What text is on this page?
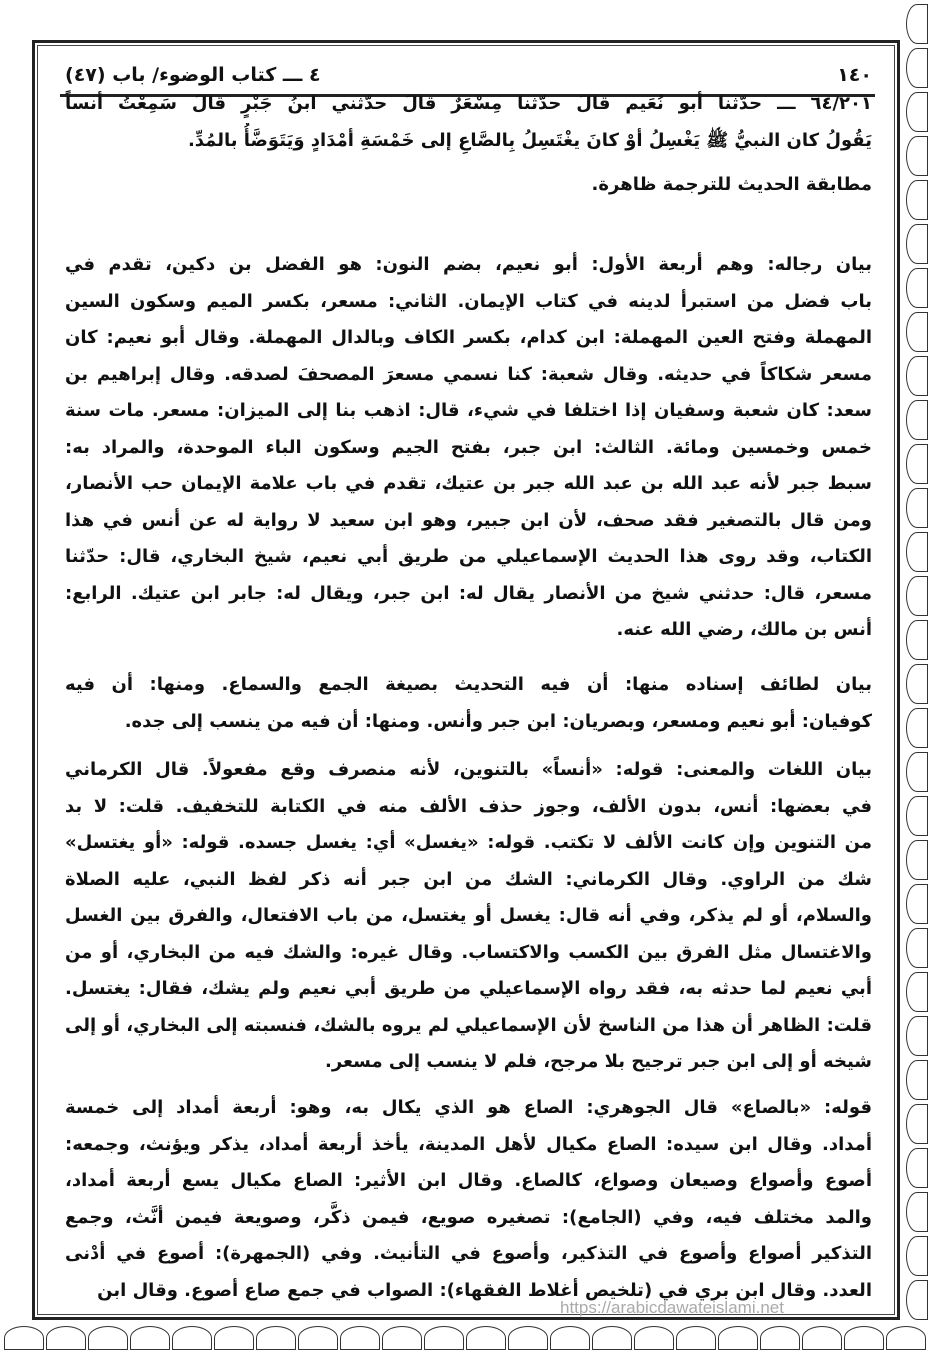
١٤٠
٤ ـــ كتاب الوضوء/ باب (٤٧)
٦٤/٢٠١ ـــ حدّثنا أبو نُعَيم قالَ حدّثنا مِسْعَرٌ قالَ حدّثني ابنُ جَبْرٍ قالَ سَمِعْتُ أنساً
يَقُولُ كان النبيُّ ﷺ يَغْسِلُ أوْ كانَ يغْتَسِلُ بِالصَّاعِ إلى خَمْسَةِ أمْدَادٍ وَيَتَوَضَّأُ بالمُدِّ.
مطابقة الحديث للترجمة ظاهرة.
بيان رجاله: وهم أربعة الأول: أبو نعيم، بضم النون: هو الفضل بن دكين، تقدم في
باب فضل من استبرأ لدينه في كتاب الإيمان. الثاني: مسعر، بكسر الميم وسكون السين
المهملة وفتح العين المهملة: ابن كدام، بكسر الكاف وبالدال المهملة. وقال أبو نعيم: كان
مسعر شكاكاً في حديثه. وقال شعبة: كنا نسمي مسعرَ المصحفَ لصدقه. وقال إبراهيم بن
سعد: كان شعبة وسفيان إذا اختلفا في شيء، قال: اذهب بنا إلى الميزان: مسعر. مات سنة
خمس وخمسين ومائة. الثالث: ابن جبر، بفتح الجيم وسكون الباء الموحدة، والمراد به:
سبط جبر لأنه عبد الله بن عبد الله جبر بن عتيك، تقدم في باب علامة الإيمان حب الأنصار،
ومن قال بالتصغير فقد صحف، لأن ابن جبير، وهو ابن سعيد لا رواية له عن أنس في هذا
الكتاب، وقد روى هذا الحديث الإسماعيلي من طريق أبي نعيم، شيخ البخاري، قال: حدّثنا
مسعر، قال: حدثني شيخ من الأنصار يقال له: ابن جبر، ويقال له: جابر ابن عتيك. الرابع:
أنس بن مالك، رضي الله عنه.
بيان لطائف إسناده منها: أن فيه التحديث بصيغة الجمع والسماع. ومنها: أن فيه
كوفيان: أبو نعيم ومسعر، وبصريان: ابن جبر وأنس. ومنها: أن فيه من ينسب إلى جده.
بيان اللغات والمعنى: قوله: «أنساً» بالتنوين، لأنه منصرف وقع مفعولاً. قال الكرماني
في بعضها: أنس، بدون الألف، وجوز حذف الألف منه في الكتابة للتخفيف. قلت: لا بد
من التنوين وإن كانت الألف لا تكتب. قوله: «يغسل» أي: يغسل جسده. قوله: «أو يغتسل»
شك من الراوي. وقال الكرماني: الشك من ابن جبر أنه ذكر لفظ النبي، عليه الصلاة
والسلام، أو لم يذكر، وفي أنه قال: يغسل أو يغتسل، من باب الافتعال، والفرق بين الغسل
والاغتسال مثل الفرق بين الكسب والاكتساب. وقال غيره: والشك فيه من البخاري، أو من
أبي نعيم لما حدثه به، فقد رواه الإسماعيلي من طريق أبي نعيم ولم يشك، فقال: يغتسل.
قلت: الظاهر أن هذا من الناسخ لأن الإسماعيلي لم يروه بالشك، فنسبته إلى البخاري، أو إلى
شيخه أو إلى ابن جبر ترجيح بلا مرجح، فلم لا ينسب إلى مسعر.
قوله: «بالصاع» قال الجوهري: الصاع هو الذي يكال به، وهو: أربعة أمداد إلى خمسة
أمداد. وقال ابن سيده: الصاع مكيال لأهل المدينة، يأخذ أربعة أمداد، يذكر ويؤنث، وجمعه:
أصوع وأصواع وصيعان وصواع، كالصاع. وقال ابن الأثير: الصاع مكيال يسع أربعة أمداد،
والمد مختلف فيه، وفي (الجامع): تصغيره صويع، فيمن ذكَّر، وصويعة فيمن أنَّث، وجمع
التذكير أصواع وأصوع في التذكير، وأصوع في التأنيث. وفي (الجمهرة): أصوع في أدْنى
العدد. وقال ابن بري في (تلخيص أغلاط الفقهاء): الصواب في جمع صاع أصوع. وقال ابن
https://arabicdawateislami.net
